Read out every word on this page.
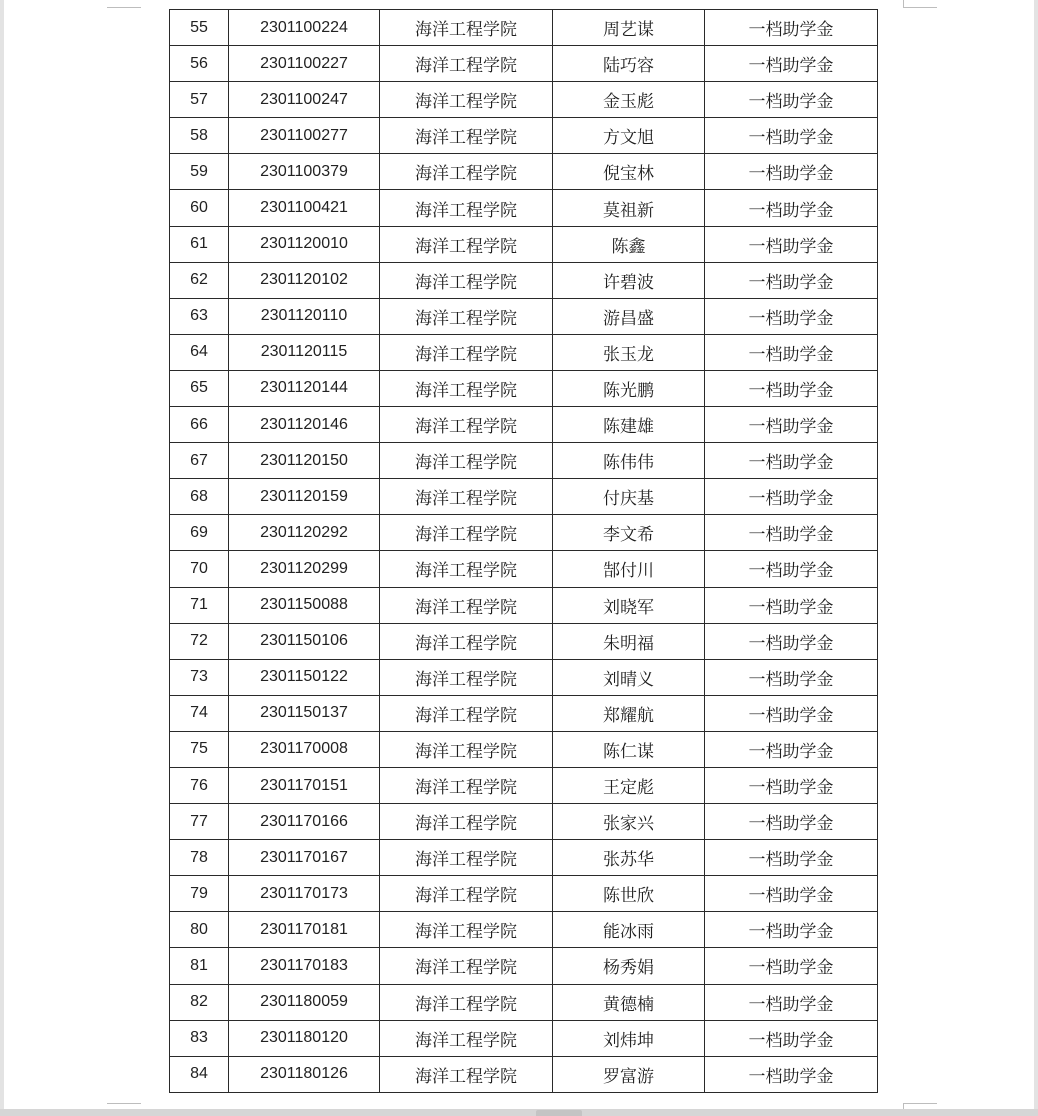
55	2301100224	海洋工程学院	周艺谋	一档助学金
56	2301100227	海洋工程学院	陆巧容	一档助学金
57	2301100247	海洋工程学院	金玉彪	一档助学金
58	2301100277	海洋工程学院	方文旭	一档助学金
59	2301100379	海洋工程学院	倪宝林	一档助学金
60	2301100421	海洋工程学院	莫祖新	一档助学金
61	2301120010	海洋工程学院	陈鑫	一档助学金
62	2301120102	海洋工程学院	许碧波	一档助学金
63	2301120110	海洋工程学院	游昌盛	一档助学金
64	2301120115	海洋工程学院	张玉龙	一档助学金
65	2301120144	海洋工程学院	陈光鹏	一档助学金
66	2301120146	海洋工程学院	陈建雄	一档助学金
67	2301120150	海洋工程学院	陈伟伟	一档助学金
68	2301120159	海洋工程学院	付庆基	一档助学金
69	2301120292	海洋工程学院	李文希	一档助学金
70	2301120299	海洋工程学院	郜付川	一档助学金
71	2301150088	海洋工程学院	刘晓军	一档助学金
72	2301150106	海洋工程学院	朱明福	一档助学金
73	2301150122	海洋工程学院	刘晴义	一档助学金
74	2301150137	海洋工程学院	郑耀航	一档助学金
75	2301170008	海洋工程学院	陈仁谋	一档助学金
76	2301170151	海洋工程学院	王定彪	一档助学金
77	2301170166	海洋工程学院	张家兴	一档助学金
78	2301170167	海洋工程学院	张苏华	一档助学金
79	2301170173	海洋工程学院	陈世欣	一档助学金
80	2301170181	海洋工程学院	能冰雨	一档助学金
81	2301170183	海洋工程学院	杨秀娟	一档助学金
82	2301180059	海洋工程学院	黄德楠	一档助学金
83	2301180120	海洋工程学院	刘炜坤	一档助学金
84	2301180126	海洋工程学院	罗富游	一档助学金
